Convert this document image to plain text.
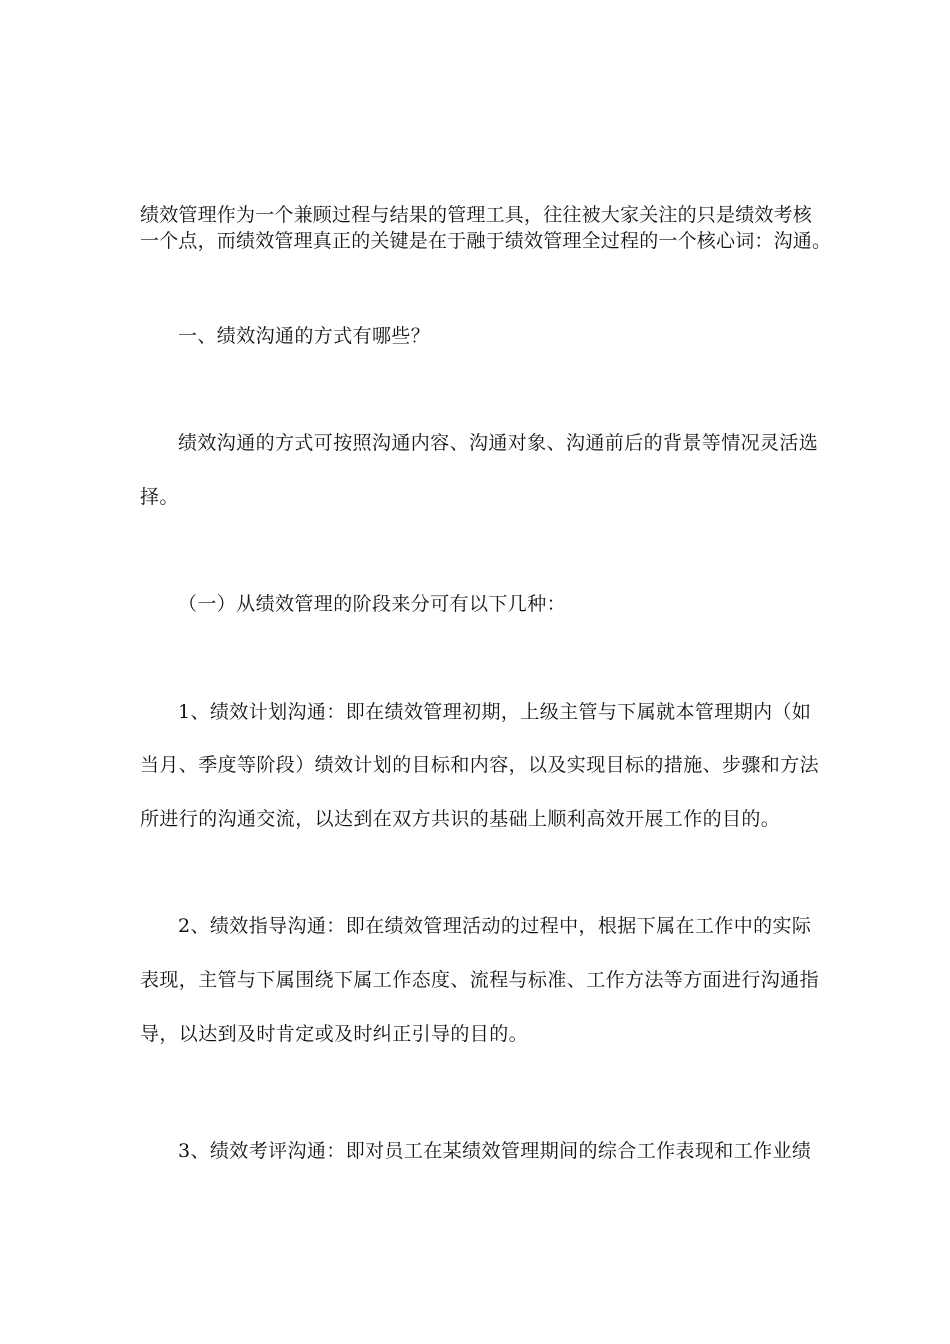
绩效管理作为一个兼顾过程与结果的管理工具，往往被大家关注的只是绩效考核
一个点，而绩效管理真正的关键是在于融于绩效管理全过程的一个核心词：沟通。
一、绩效沟通的方式有哪些？
绩效沟通的方式可按照沟通内容、沟通对象、沟通前后的背景等情况灵活选
择。
（一）从绩效管理的阶段来分可有以下几种：
1、绩效计划沟通：即在绩效管理初期，上级主管与下属就本管理期内（如
当月、季度等阶段）绩效计划的目标和内容，以及实现目标的措施、步骤和方法
所进行的沟通交流，以达到在双方共识的基础上顺利高效开展工作的目的。
2、绩效指导沟通：即在绩效管理活动的过程中，根据下属在工作中的实际
表现，主管与下属围绕下属工作态度、流程与标准、工作方法等方面进行沟通指
导，以达到及时肯定或及时纠正引导的目的。
3、绩效考评沟通：即对员工在某绩效管理期间的综合工作表现和工作业绩
